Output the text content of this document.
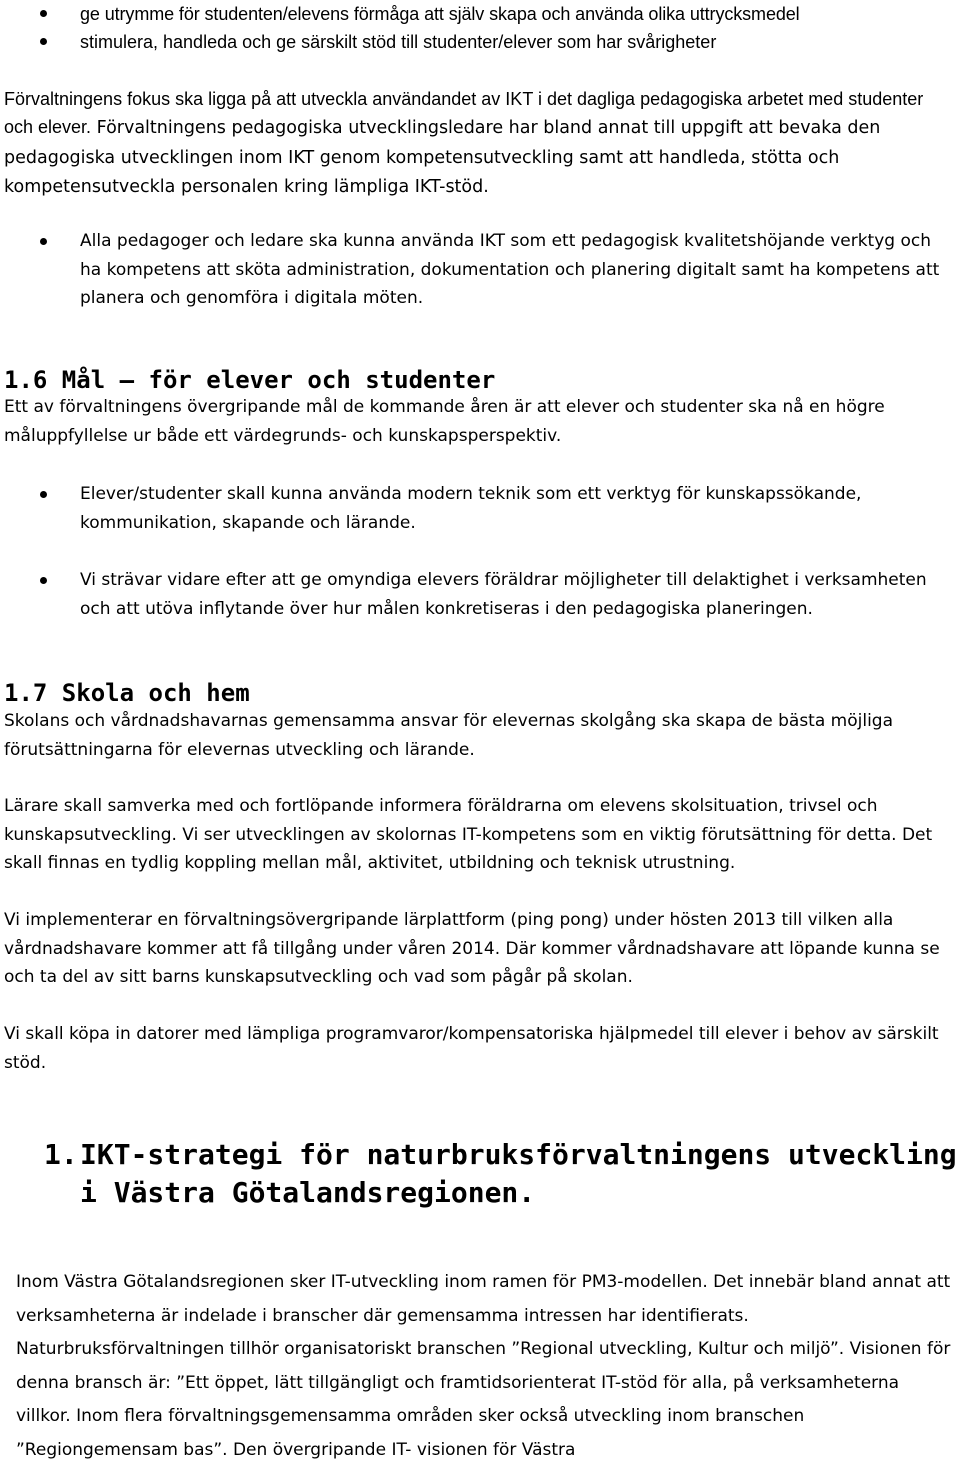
ge utrymme för studenten/elevens förmåga att själv skapa och använda olika uttrycksmedel

stimulera, handleda och ge särskilt stöd till studenter/elever som har svårigheter

Förvaltningens fokus ska ligga på att utveckla användandet av IKT i det dagliga pedagogiska arbetet med studenter och elever. Förvaltningens pedagogiska utvecklingsledare har bland annat till uppgift att bevaka den pedagogiska utvecklingen inom IKT genom kompetensutveckling samt att handleda, stötta och kompetensutveckla personalen kring lämpliga IKT-stöd.

Alla pedagoger och ledare ska kunna använda IKT som ett pedagogisk kvalitetshöjande verktyg och ha kompetens att sköta administration, dokumentation och planering digitalt samt ha kompetens att planera och genomföra i digitala möten.

1.6 Mål – för elever och studenter

Ett av förvaltningens övergripande mål de kommande åren är att elever och studenter ska nå en högre måluppfyllelse ur både ett värdegrunds- och kunskapsperspektiv.

Elever/studenter skall kunna använda modern teknik som ett verktyg för kunskapssökande, kommunikation, skapande och lärande.

Vi strävar vidare efter att ge omyndiga elevers föräldrar möjligheter till delaktighet i verksamheten och att utöva inflytande över hur målen konkretiseras i den pedagogiska planeringen.

1.7 Skola och hem

Skolans och vårdnadshavarnas gemensamma ansvar för elevernas skolgång ska skapa de bästa möjliga förutsättningarna för elevernas utveckling och lärande.

Lärare skall samverka med och fortlöpande informera föräldrarna om elevens skolsituation, trivsel och kunskapsutveckling. Vi ser utvecklingen av skolornas IT-kompetens som en viktig förutsättning för detta. Det skall finnas en tydlig koppling mellan mål, aktivitet, utbildning och teknisk utrustning.

Vi implementerar en förvaltningsövergripande lärplattform (ping pong) under hösten 2013 till vilken alla vårdnadshavare kommer att få tillgång under våren 2014. Där kommer vårdnadshavare att löpande kunna se och ta del av sitt barns kunskapsutveckling och vad som pågår på skolan.

Vi skall köpa in datorer med lämpliga programvaror/kompensatoriska hjälpmedel till elever i behov av särskilt stöd.

1. IKT-strategi för naturbruksförvaltningens utveckling i Västra Götalandsregionen.

Inom Västra Götalandsregionen sker IT-utveckling inom ramen för PM3-modellen. Det innebär bland annat att verksamheterna är indelade i branscher där gemensamma intressen har identifierats. Naturbruksförvaltningen tillhör organisatoriskt branschen ”Regional utveckling, Kultur och miljö”. Visionen för denna bransch är: ”Ett öppet, lätt tillgängligt och framtidsorienterat IT-stöd för alla, på verksamheterna villkor. Inom flera förvaltningsgemensamma områden sker också utveckling inom branschen ”Regiongemensam bas”. Den övergripande IT- visionen för Västra
